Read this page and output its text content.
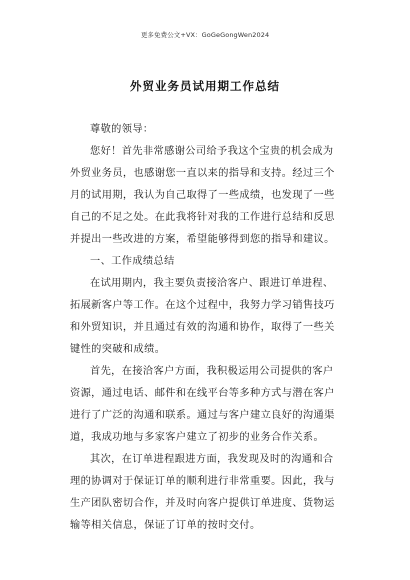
更多免费公文+VX：GoGeGongWen2024
外贸业务员试用期工作总结
尊敬的领导：
您好！首先非常感谢公司给予我这个宝贵的机会成为
外贸业务员，也感谢您一直以来的指导和支持。经过三个
月的试用期，我认为自己取得了一些成绩，也发现了一些
自己的不足之处。在此我将针对我的工作进行总结和反思
并提出一些改进的方案，希望能够得到您的指导和建议。
一、工作成绩总结
在试用期内，我主要负责接洽客户、跟进订单进程、
拓展新客户等工作。在这个过程中，我努力学习销售技巧
和外贸知识，并且通过有效的沟通和协作，取得了一些关
键性的突破和成绩。
首先，在接洽客户方面，我积极运用公司提供的客户
资源，通过电话、邮件和在线平台等多种方式与潜在客户
进行了广泛的沟通和联系。通过与客户建立良好的沟通渠
道，我成功地与多家客户建立了初步的业务合作关系。
其次，在订单进程跟进方面，我发现及时的沟通和合
理的协调对于保证订单的顺利进行非常重要。因此，我与
生产团队密切合作，并及时向客户提供订单进度、货物运
输等相关信息，保证了订单的按时交付。
